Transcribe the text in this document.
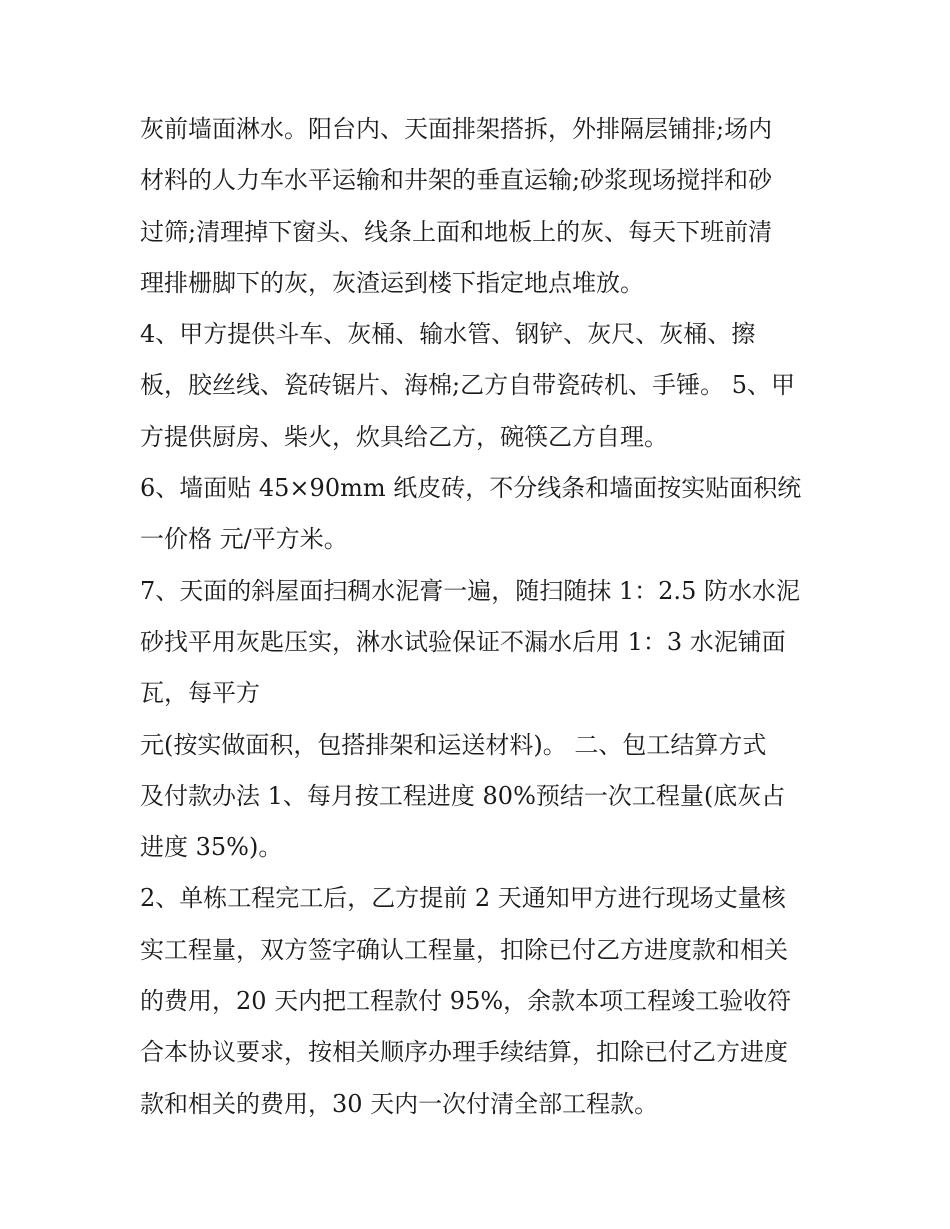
灰前墙面淋水。阳台内、天面排架搭拆，外排隔层铺排;场内
材料的人力车水平运输和井架的垂直运输;砂浆现场搅拌和砂
过筛;清理掉下窗头、线条上面和地板上的灰、每天下班前清
理排栅脚下的灰，灰渣运到楼下指定地点堆放。
4、甲方提供斗车、灰桶、输水管、钢铲、灰尺、灰桶、擦
板，胶丝线、瓷砖锯片、海棉;乙方自带瓷砖机、手锤。 5、甲
方提供厨房、柴火，炊具给乙方，碗筷乙方自理。
6、墙面贴 45×90mm 纸皮砖，不分线条和墙面按实贴面积统
一价格 元/平方米。
7、天面的斜屋面扫稠水泥膏一遍，随扫随抹 1：2.5 防水水泥
砂找平用灰匙压实，淋水试验保证不漏水后用 1：3 水泥铺面
瓦，每平方
元(按实做面积，包搭排架和运送材料)。 二、包工结算方式
及付款办法 1、每月按工程进度 80%预结一次工程量(底灰占
进度 35%)。
2、单栋工程完工后，乙方提前 2 天通知甲方进行现场丈量核
实工程量，双方签字确认工程量，扣除已付乙方进度款和相关
的费用，20 天内把工程款付 95%，余款本项工程竣工验收符
合本协议要求，按相关顺序办理手续结算，扣除已付乙方进度
款和相关的费用，30 天内一次付清全部工程款。
